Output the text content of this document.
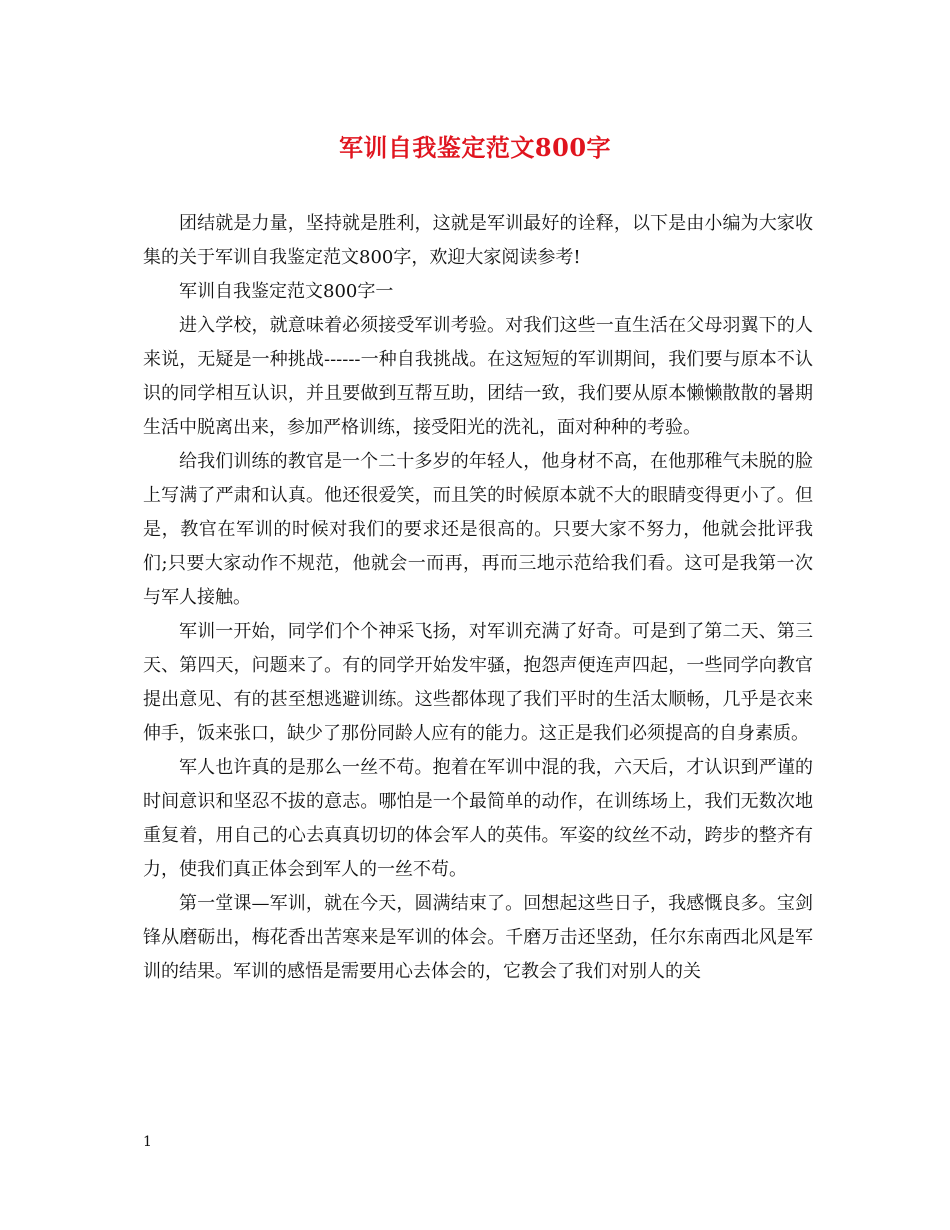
军训自我鉴定范文800字

团结就是力量，坚持就是胜利，这就是军训最好的诠释，以下是由小编为大家收集的关于军训自我鉴定范文800字，欢迎大家阅读参考!

军训自我鉴定范文800字一

进入学校，就意味着必须接受军训考验。对我们这些一直生活在父母羽翼下的人来说，无疑是一种挑战------一种自我挑战。在这短短的军训期间，我们要与原本不认识的同学相互认识，并且要做到互帮互助，团结一致，我们要从原本懒懒散散的暑期生活中脱离出来，参加严格训练，接受阳光的洗礼，面对种种的考验。

给我们训练的教官是一个二十多岁的年轻人，他身材不高，在他那稚气未脱的脸上写满了严肃和认真。他还很爱笑，而且笑的时候原本就不大的眼睛变得更小了。但是，教官在军训的时候对我们的要求还是很高的。只要大家不努力，他就会批评我们;只要大家动作不规范，他就会一而再，再而三地示范给我们看。这可是我第一次与军人接触。

军训一开始，同学们个个神采飞扬，对军训充满了好奇。可是到了第二天、第三天、第四天，问题来了。有的同学开始发牢骚，抱怨声便连声四起，一些同学向教官提出意见、有的甚至想逃避训练。这些都体现了我们平时的生活太顺畅，几乎是衣来伸手，饭来张口，缺少了那份同龄人应有的能力。这正是我们必须提高的自身素质。

军人也许真的是那么一丝不苟。抱着在军训中混的我，六天后，才认识到严谨的时间意识和坚忍不拔的意志。哪怕是一个最简单的动作，在训练场上，我们无数次地重复着，用自己的心去真真切切的体会军人的英伟。军姿的纹丝不动，跨步的整齐有力，使我们真正体会到军人的一丝不苟。

第一堂课—军训，就在今天，圆满结束了。回想起这些日子，我感慨良多。宝剑锋从磨砺出，梅花香出苦寒来是军训的体会。千磨万击还坚劲，任尔东南西北风是军训的结果。军训的感悟是需要用心去体会的，它教会了我们对别人的关

1
